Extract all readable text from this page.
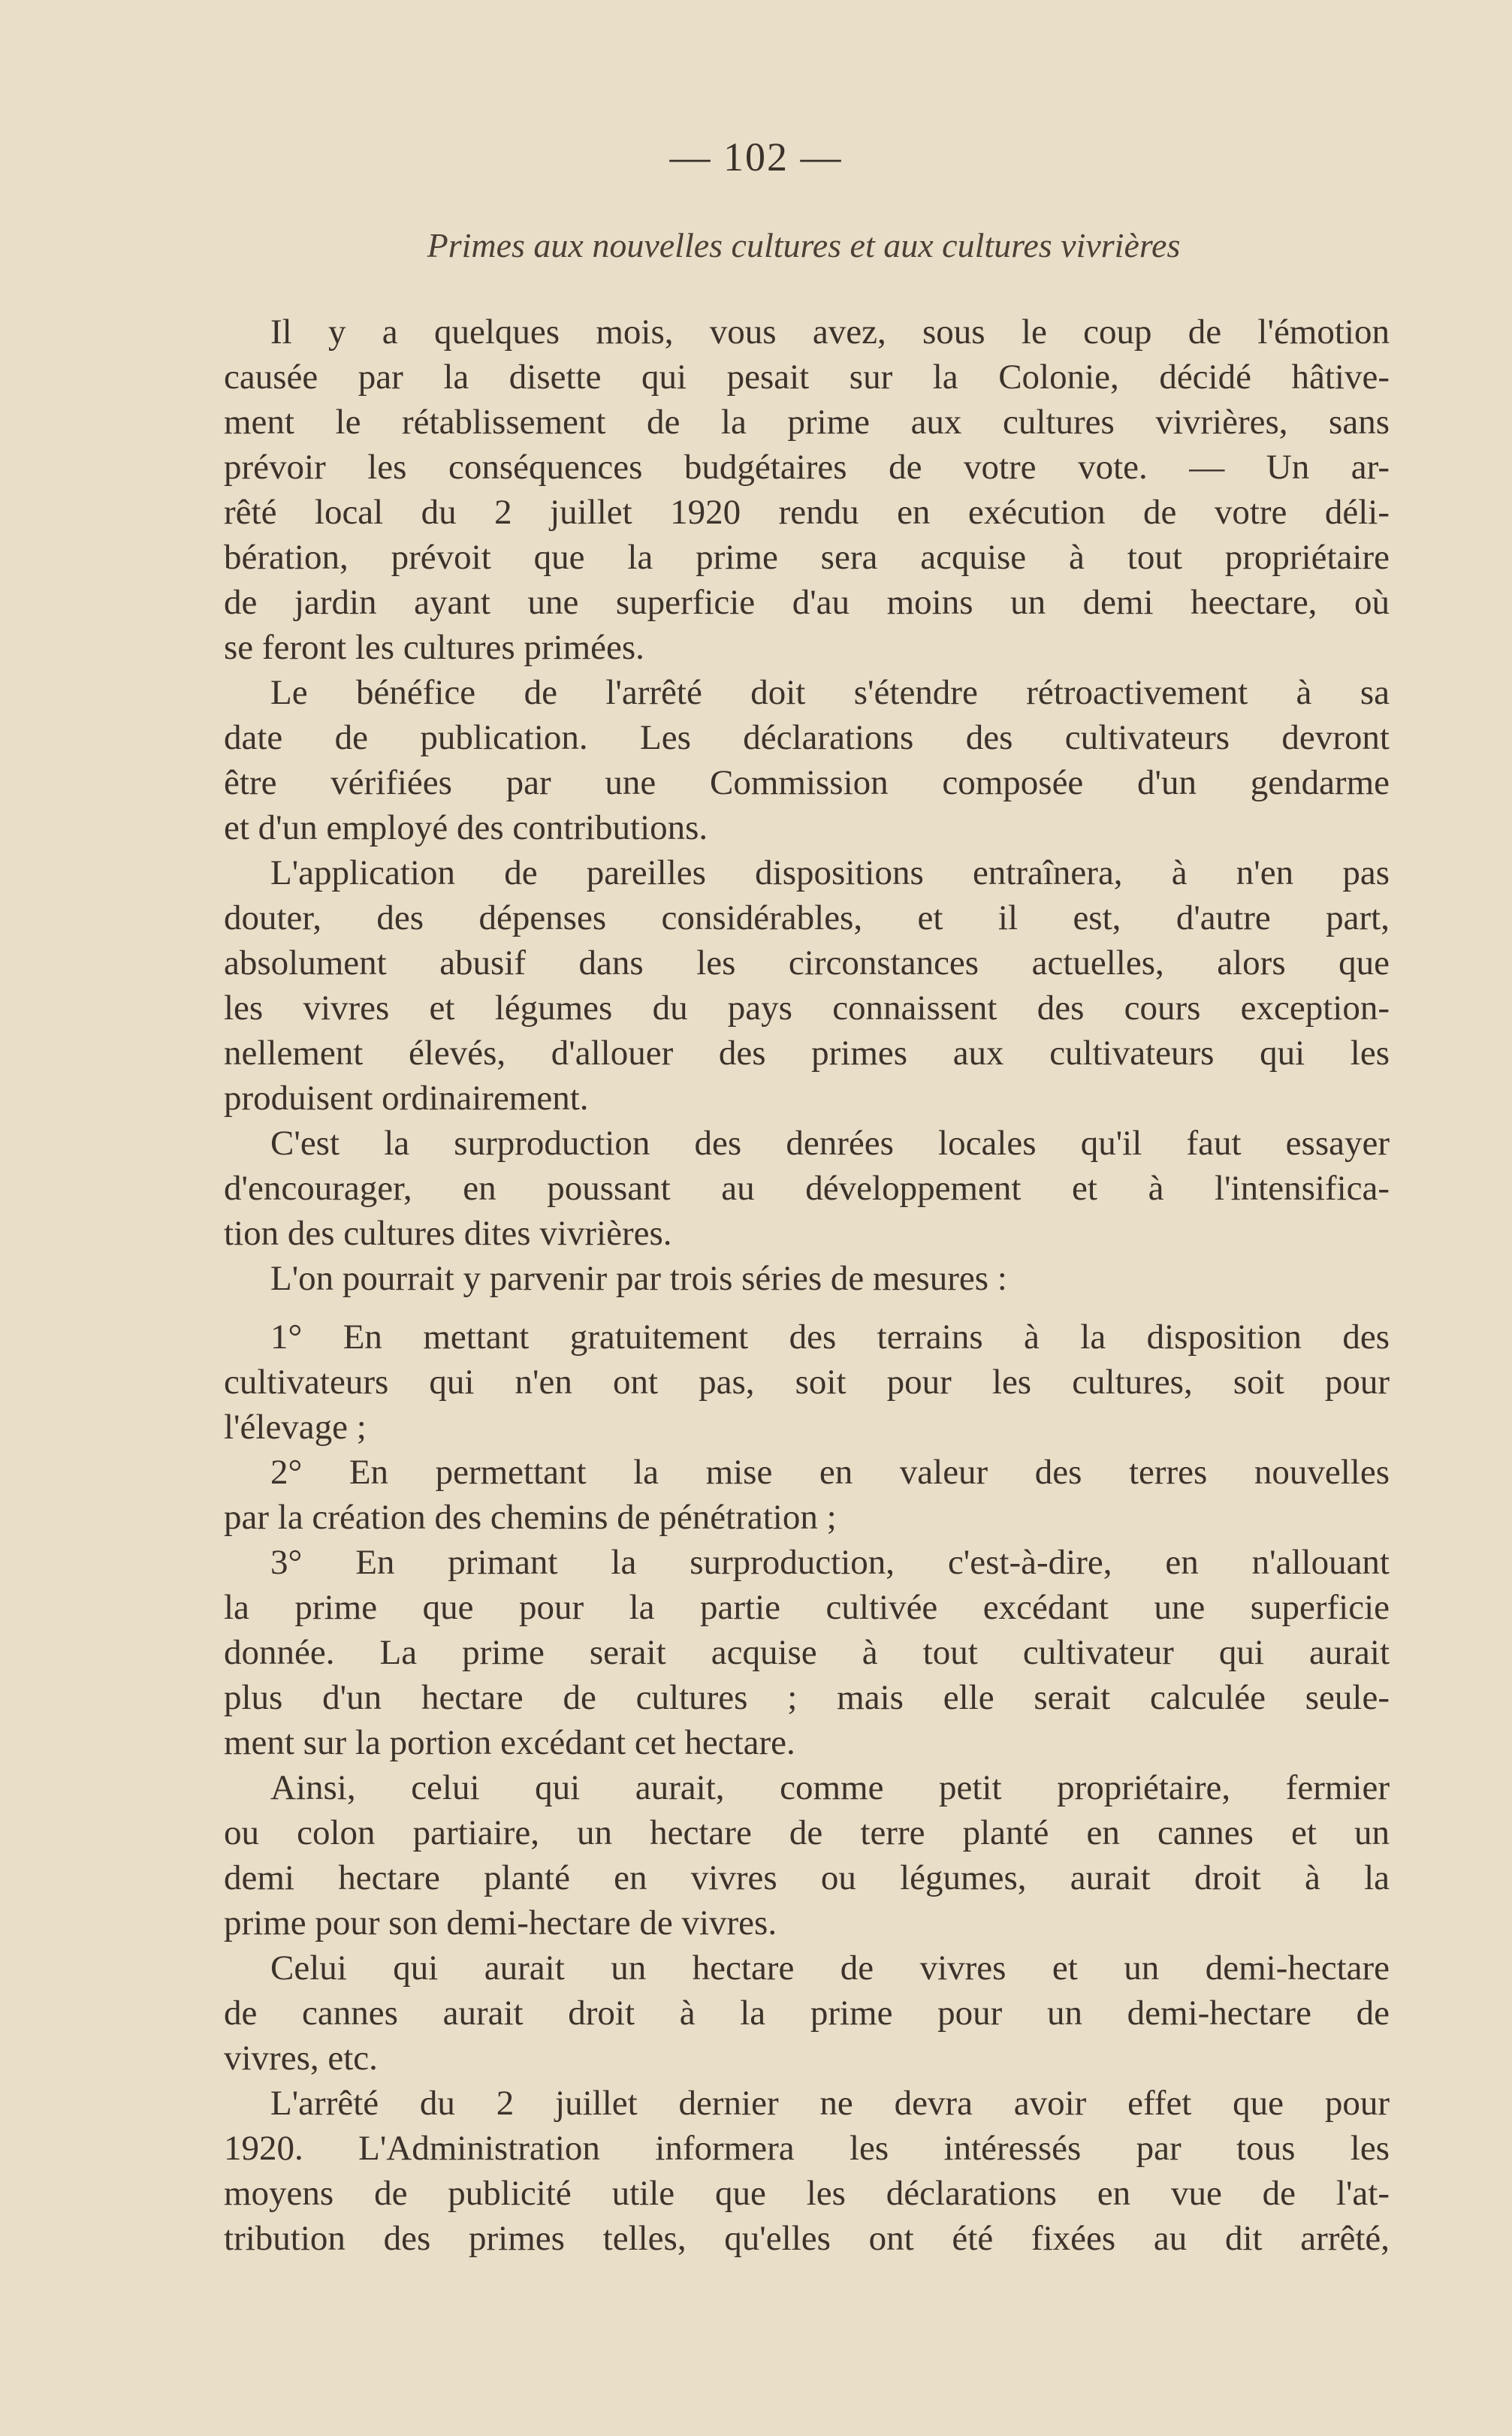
— 102 —
Primes aux nouvelles cultures et aux cultures vivrières
Il y a quelques mois, vous avez, sous le coup de l'émotion
causée par la disette qui pesait sur la Colonie, décidé hâtive-
ment le rétablissement de la prime aux cultures vivrières, sans
prévoir les conséquences budgétaires de votre vote. — Un ar-
rêté local du 2 juillet 1920 rendu en exécution de votre déli-
bération, prévoit que la prime sera acquise à tout propriétaire
de jardin ayant une superficie d'au moins un demi heectare, où
se feront les cultures primées.
Le bénéfice de l'arrêté doit s'étendre rétroactivement à sa
date de publication. Les déclarations des cultivateurs devront
être vérifiées par une Commission composée d'un gendarme
et d'un employé des contributions.
L'application de pareilles dispositions entraînera, à n'en pas
douter, des dépenses considérables, et il est, d'autre part,
absolument abusif dans les circonstances actuelles, alors que
les vivres et légumes du pays connaissent des cours exception-
nellement élevés, d'allouer des primes aux cultivateurs qui les
produisent ordinairement.
C'est la surproduction des denrées locales qu'il faut essayer
d'encourager, en poussant au développement et à l'intensifica-
tion des cultures dites vivrières.
L'on pourrait y parvenir par trois séries de mesures :
1° En mettant gratuitement des terrains à la disposition des
cultivateurs qui n'en ont pas, soit pour les cultures, soit pour
l'élevage ;
2° En permettant la mise en valeur des terres nouvelles
par la création des chemins de pénétration ;
3° En primant la surproduction, c'est-à-dire, en n'allouant
la prime que pour la partie cultivée excédant une superficie
donnée. La prime serait acquise à tout cultivateur qui aurait
plus d'un hectare de cultures ; mais elle serait calculée seule-
ment sur la portion excédant cet hectare.
Ainsi, celui qui aurait, comme petit propriétaire, fermier
ou colon partiaire, un hectare de terre planté en cannes et un
demi hectare planté en vivres ou légumes, aurait droit à la
prime pour son demi-hectare de vivres.
Celui qui aurait un hectare de vivres et un demi-hectare
de cannes aurait droit à la prime pour un demi-hectare de
vivres, etc.
L'arrêté du 2 juillet dernier ne devra avoir effet que pour
1920. L'Administration informera les intéressés par tous les
moyens de publicité utile que les déclarations en vue de l'at-
tribution des primes telles, qu'elles ont été fixées au dit arrêté,
